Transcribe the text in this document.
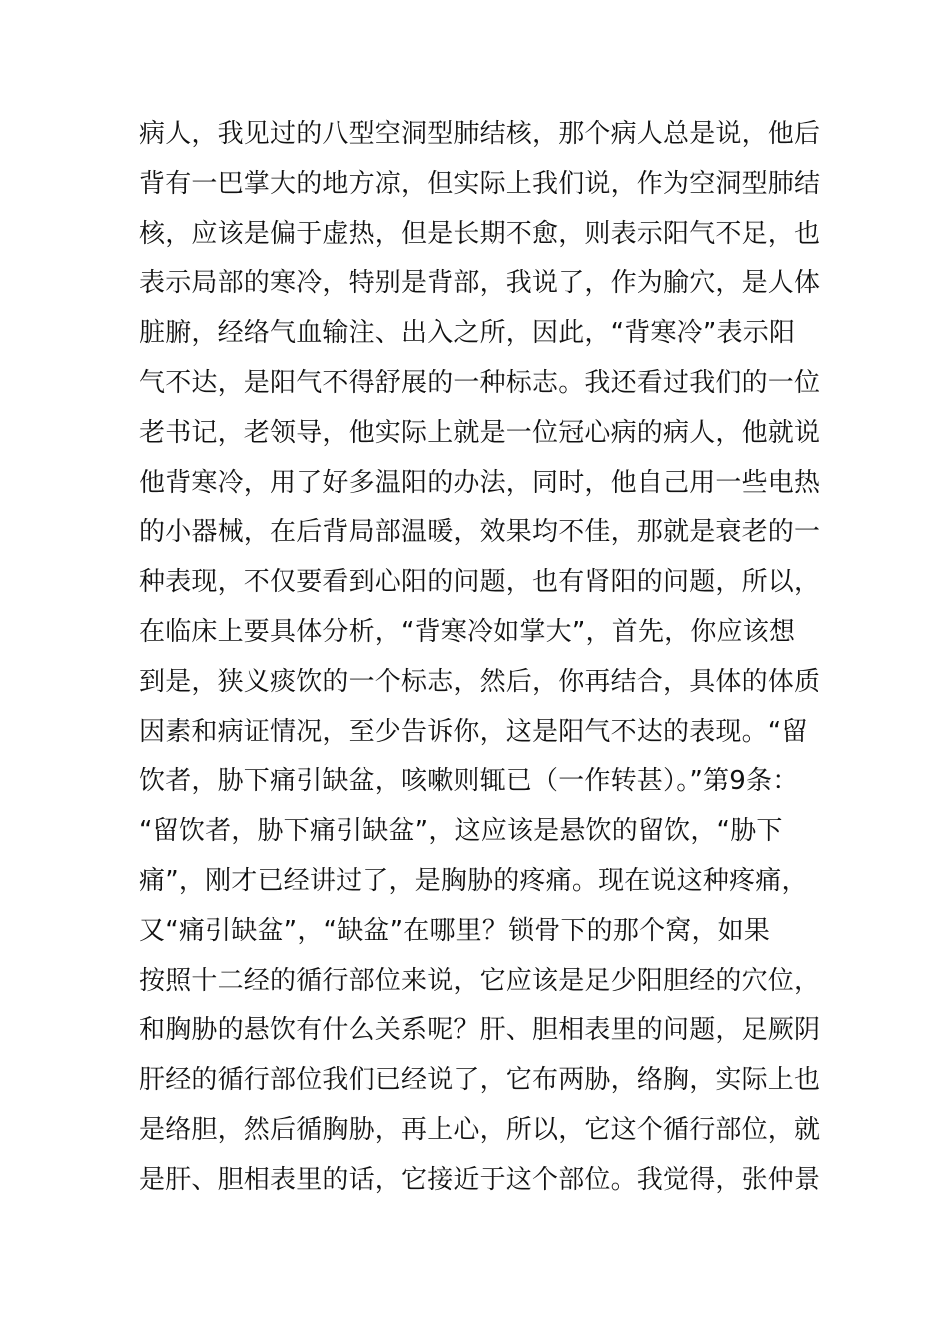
病人，我见过的八型空洞型肺结核，那个病人总是说，他后
背有一巴掌大的地方凉，但实际上我们说，作为空洞型肺结
核，应该是偏于虚热，但是长期不愈，则表示阳气不足，也
表示局部的寒冷，特别是背部，我说了，作为腧穴，是人体
脏腑，经络气血输注、出入之所，因此，“背寒冷”表示阳
气不达，是阳气不得舒展的一种标志。我还看过我们的一位
老书记，老领导，他实际上就是一位冠心病的病人，他就说
他背寒冷，用了好多温阳的办法，同时，他自己用一些电热
的小器械，在后背局部温暖，效果均不佳，那就是衰老的一
种表现，不仅要看到心阳的问题，也有肾阳的问题，所以，
在临床上要具体分析，“背寒冷如掌大”，首先，你应该想
到是，狭义痰饮的一个标志，然后，你再结合，具体的体质
因素和病证情况，至少告诉你，这是阳气不达的表现。“留
饮者，胁下痛引缺盆，咳嗽则辄已（一作转甚）。”第9条：
“留饮者，胁下痛引缺盆”，这应该是悬饮的留饮，“胁下
痛”，刚才已经讲过了，是胸胁的疼痛。现在说这种疼痛，
又“痛引缺盆”，“缺盆”在哪里？锁骨下的那个窝，如果
按照十二经的循行部位来说，它应该是足少阳胆经的穴位，
和胸胁的悬饮有什么关系呢？肝、胆相表里的问题，足厥阴
肝经的循行部位我们已经说了，它布两胁，络胸，实际上也
是络胆，然后循胸胁，再上心，所以，它这个循行部位，就
是肝、胆相表里的话，它接近于这个部位。我觉得，张仲景
